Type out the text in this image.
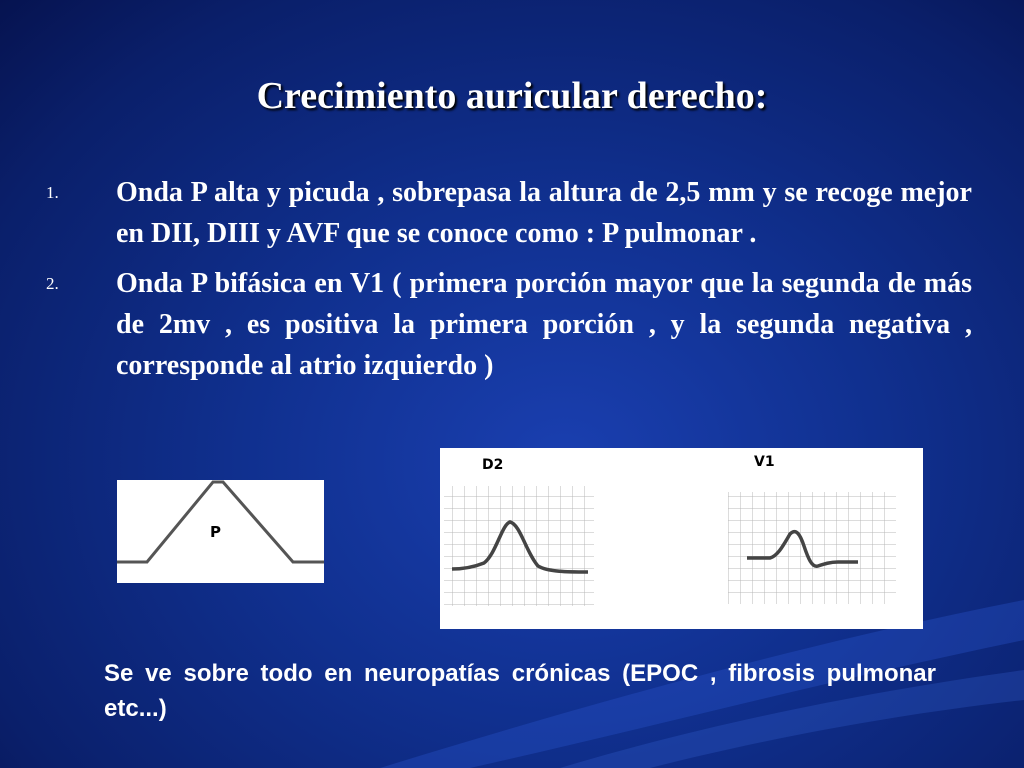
Crecimiento auricular derecho:
1. Onda P alta y picuda , sobrepasa la altura de 2,5 mm y se recoge mejor en DII, DIII y AVF que se conoce como : P pulmonar .
2. Onda P bifásica en V1 ( primera porción mayor que la segunda de más de 2mv , es positiva la primera porción , y la segunda negativa , corresponde al atrio izquierdo )
P
D2	V1
Se ve sobre todo en neuropatías crónicas (EPOC , fibrosis pulmonar etc...)
